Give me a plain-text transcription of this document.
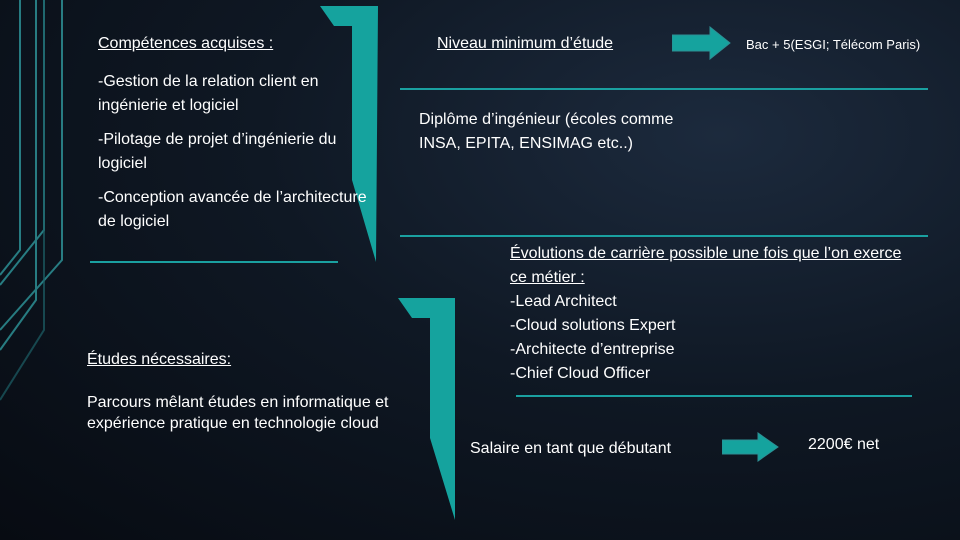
Compétences acquises :

-Gestion de la relation client en ingénierie et logiciel

-Pilotage de projet d’ingénierie du logiciel

-Conception avancée de l’architecture de logiciel

Niveau minimum d’étude	Bac + 5(ESGI; Télécom Paris)

Diplôme d’ingénieur (écoles comme INSA, EPITA, ENSIMAG etc..)

Évolutions de carrière possible une fois que l’on exerce ce métier :

-Lead Architect

-Cloud solutions Expert

-Architecte d’entreprise

-Chief Cloud Officer

Études nécessaires:

Parcours mêlant études en informatique et expérience pratique en technologie cloud

Salaire en tant que débutant	2200€ net
